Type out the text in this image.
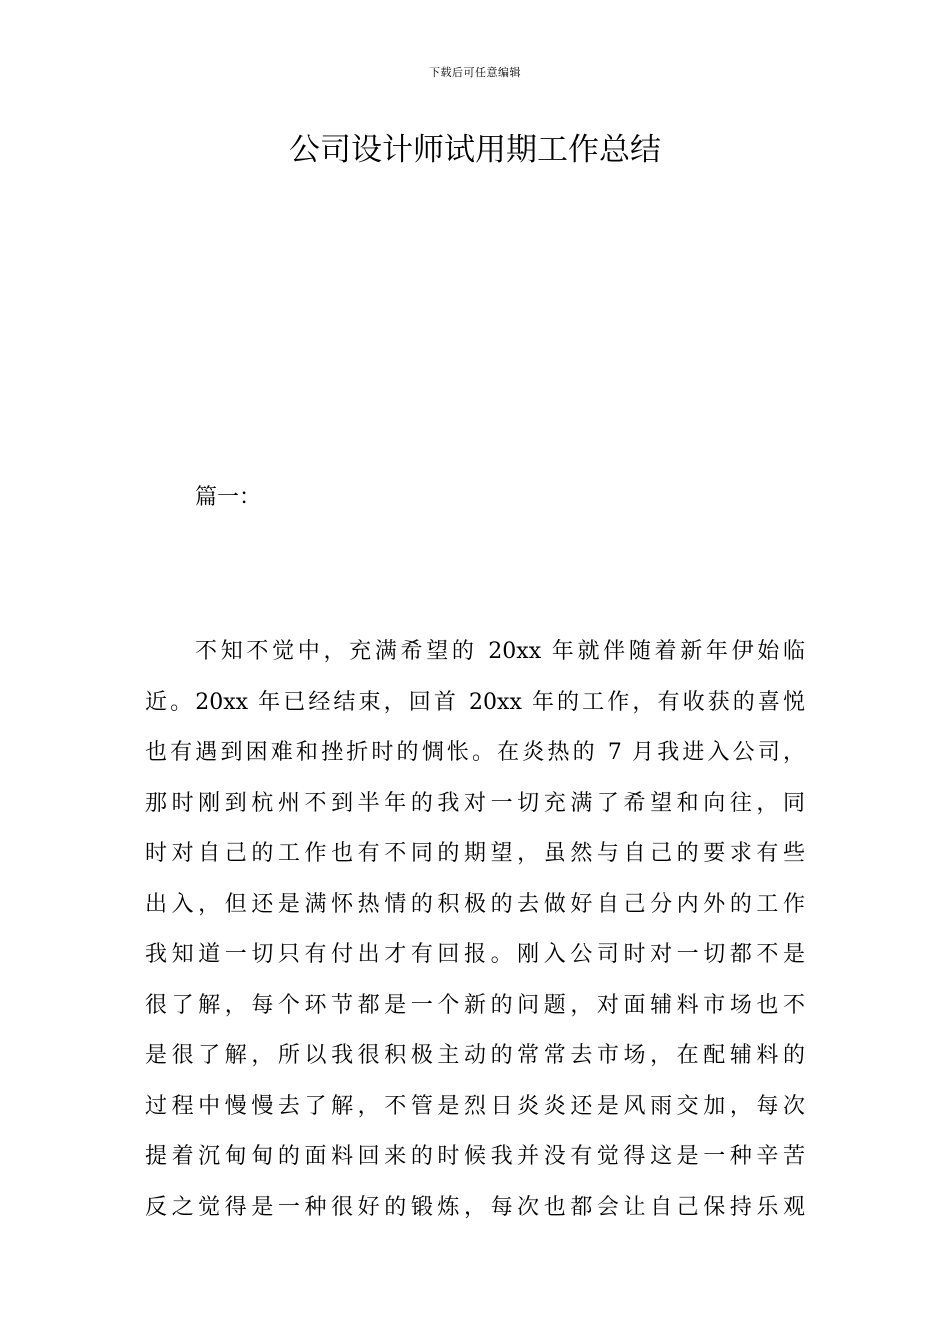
下载后可任意编辑
公司设计师试用期工作总结

篇一：

不知不觉中，充满希望的 20xx 年就伴随着新年伊始临
近。20xx 年已经结束，回首 20xx 年的工作，有收获的喜悦
也有遇到困难和挫折时的惆怅。在炎热的 7 月我进入公司，
那时刚到杭州不到半年的我对一切充满了希望和向往，同
时对自己的工作也有不同的期望，虽然与自己的要求有些
出入，但还是满怀热情的积极的去做好自己分内外的工作
我知道一切只有付出才有回报。刚入公司时对一切都不是
很了解，每个环节都是一个新的问题，对面辅料市场也不
是很了解，所以我很积极主动的常常去市场，在配辅料的
过程中慢慢去了解，不管是烈日炎炎还是风雨交加，每次
提着沉甸甸的面料回来的时候我并没有觉得这是一种辛苦
反之觉得是一种很好的锻炼，每次也都会让自己保持乐观
